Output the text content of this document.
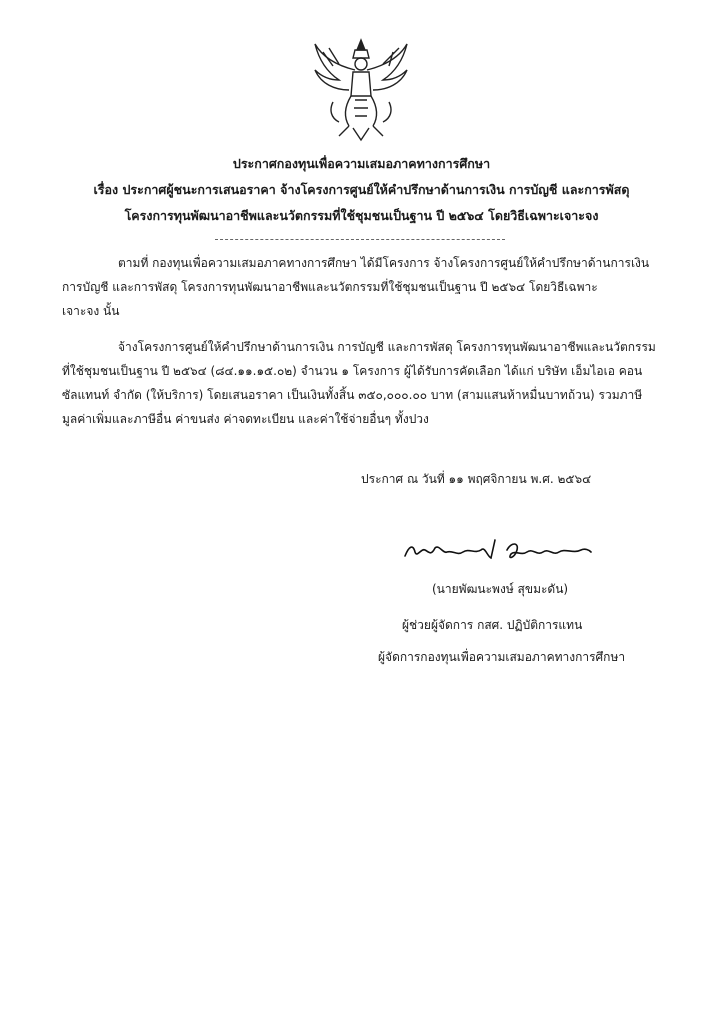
ประกาศกองทุนเพื่อความเสมอภาคทางการศึกษา
เรื่อง ประกาศผู้ชนะการเสนอราคา จ้างโครงการศูนย์ให้คำปรึกษาด้านการเงิน การบัญชี และการพัสดุ
โครงการทุนพัฒนาอาชีพและนวัตกรรมที่ใช้ชุมชนเป็นฐาน ปี ๒๕๖๔ โดยวิธีเฉพาะเจาะจง
ตามที่ กองทุนเพื่อความเสมอภาคทางการศึกษา ได้มีโครงการ จ้างโครงการศูนย์ให้คำปรึกษาด้านการเงิน
การบัญชี และการพัสดุ โครงการทุนพัฒนาอาชีพและนวัตกรรมที่ใช้ชุมชนเป็นฐาน ปี ๒๕๖๔ โดยวิธีเฉพาะ
เจาะจง นั้น
จ้างโครงการศูนย์ให้คำปรึกษาด้านการเงิน การบัญชี และการพัสดุ โครงการทุนพัฒนาอาชีพและนวัตกรรม
ที่ใช้ชุมชนเป็นฐาน ปี ๒๕๖๔ (๘๔.๑๑.๑๕.๐๒) จำนวน ๑ โครงการ ผู้ได้รับการคัดเลือก ได้แก่ บริษัท เอ็มไอเอ คอน
ซัลแทนท์ จำกัด (ให้บริการ) โดยเสนอราคา เป็นเงินทั้งสิ้น ๓๕๐,๐๐๐.๐๐ บาท (สามแสนห้าหมื่นบาทถ้วน) รวมภาษี
มูลค่าเพิ่มและภาษีอื่น ค่าขนส่ง ค่าจดทะเบียน และค่าใช้จ่ายอื่นๆ ทั้งปวง
ประกาศ ณ วันที่ ๑๑ พฤศจิกายน พ.ศ. ๒๕๖๔
(นายพัฒนะพงษ์ สุขมะดัน)
ผู้ช่วยผู้จัดการ กสศ. ปฏิบัติการแทน
ผู้จัดการกองทุนเพื่อความเสมอภาคทางการศึกษา
